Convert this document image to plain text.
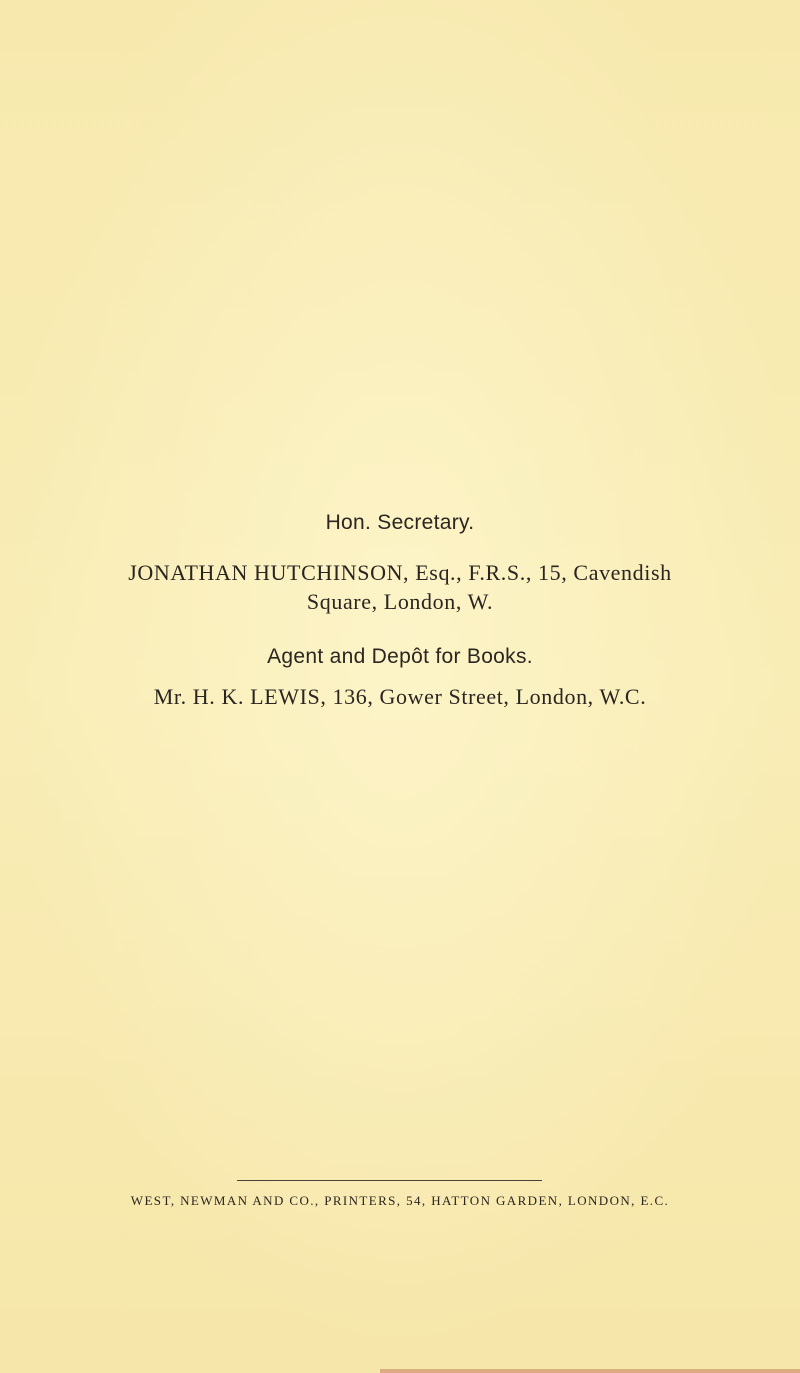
Hon. Secretary.
JONATHAN HUTCHINSON, Esq., F.R.S., 15, Cavendish
Square, London, W.
Agent and Depôt for Books.
Mr. H. K. LEWIS, 136, Gower Street, London, W.C.
WEST, NEWMAN AND CO., PRINTERS, 54, HATTON GARDEN, LONDON, E.C.
